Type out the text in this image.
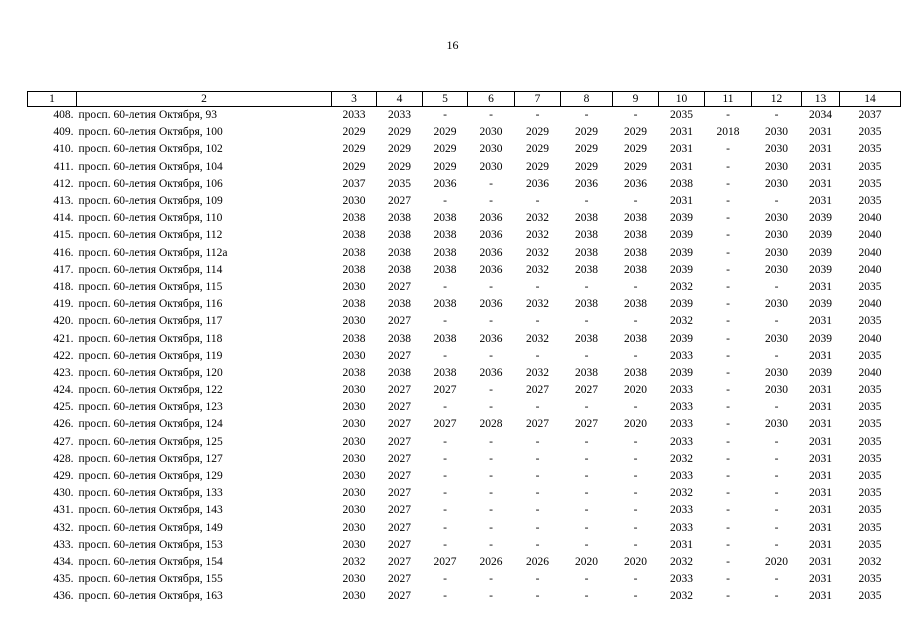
16
1	2	3	4	5	6	7	8	9	10	11	12	13	14
408.	просп. 60-летия Октября, 93	2033	2033	-	-	-	-	-	2035	-	-	2034	2037
409.	просп. 60-летия Октября, 100	2029	2029	2029	2030	2029	2029	2029	2031	2018	2030	2031	2035
410.	просп. 60-летия Октября, 102	2029	2029	2029	2030	2029	2029	2029	2031	-	2030	2031	2035
411.	просп. 60-летия Октября, 104	2029	2029	2029	2030	2029	2029	2029	2031	-	2030	2031	2035
412.	просп. 60-летия Октября, 106	2037	2035	2036	-	2036	2036	2036	2038	-	2030	2031	2035
413.	просп. 60-летия Октября, 109	2030	2027	-	-	-	-	-	2031	-	-	2031	2035
414.	просп. 60-летия Октября, 110	2038	2038	2038	2036	2032	2038	2038	2039	-	2030	2039	2040
415.	просп. 60-летия Октября, 112	2038	2038	2038	2036	2032	2038	2038	2039	-	2030	2039	2040
416.	просп. 60-летия Октября, 112а	2038	2038	2038	2036	2032	2038	2038	2039	-	2030	2039	2040
417.	просп. 60-летия Октября, 114	2038	2038	2038	2036	2032	2038	2038	2039	-	2030	2039	2040
418.	просп. 60-летия Октября, 115	2030	2027	-	-	-	-	-	2032	-	-	2031	2035
419.	просп. 60-летия Октября, 116	2038	2038	2038	2036	2032	2038	2038	2039	-	2030	2039	2040
420.	просп. 60-летия Октября, 117	2030	2027	-	-	-	-	-	2032	-	-	2031	2035
421.	просп. 60-летия Октября, 118	2038	2038	2038	2036	2032	2038	2038	2039	-	2030	2039	2040
422.	просп. 60-летия Октября, 119	2030	2027	-	-	-	-	-	2033	-	-	2031	2035
423.	просп. 60-летия Октября, 120	2038	2038	2038	2036	2032	2038	2038	2039	-	2030	2039	2040
424.	просп. 60-летия Октября, 122	2030	2027	2027	-	2027	2027	2020	2033	-	2030	2031	2035
425.	просп. 60-летия Октября, 123	2030	2027	-	-	-	-	-	2033	-	-	2031	2035
426.	просп. 60-летия Октября, 124	2030	2027	2027	2028	2027	2027	2020	2033	-	2030	2031	2035
427.	просп. 60-летия Октября, 125	2030	2027	-	-	-	-	-	2033	-	-	2031	2035
428.	просп. 60-летия Октября, 127	2030	2027	-	-	-	-	-	2032	-	-	2031	2035
429.	просп. 60-летия Октября, 129	2030	2027	-	-	-	-	-	2033	-	-	2031	2035
430.	просп. 60-летия Октября, 133	2030	2027	-	-	-	-	-	2032	-	-	2031	2035
431.	просп. 60-летия Октября, 143	2030	2027	-	-	-	-	-	2033	-	-	2031	2035
432.	просп. 60-летия Октября, 149	2030	2027	-	-	-	-	-	2033	-	-	2031	2035
433.	просп. 60-летия Октября, 153	2030	2027	-	-	-	-	-	2031	-	-	2031	2035
434.	просп. 60-летия Октября, 154	2032	2027	2027	2026	2026	2020	2020	2032	-	2020	2031	2032
435.	просп. 60-летия Октября, 155	2030	2027	-	-	-	-	-	2033	-	-	2031	2035
436.	просп. 60-летия Октября, 163	2030	2027	-	-	-	-	-	2032	-	-	2031	2035
